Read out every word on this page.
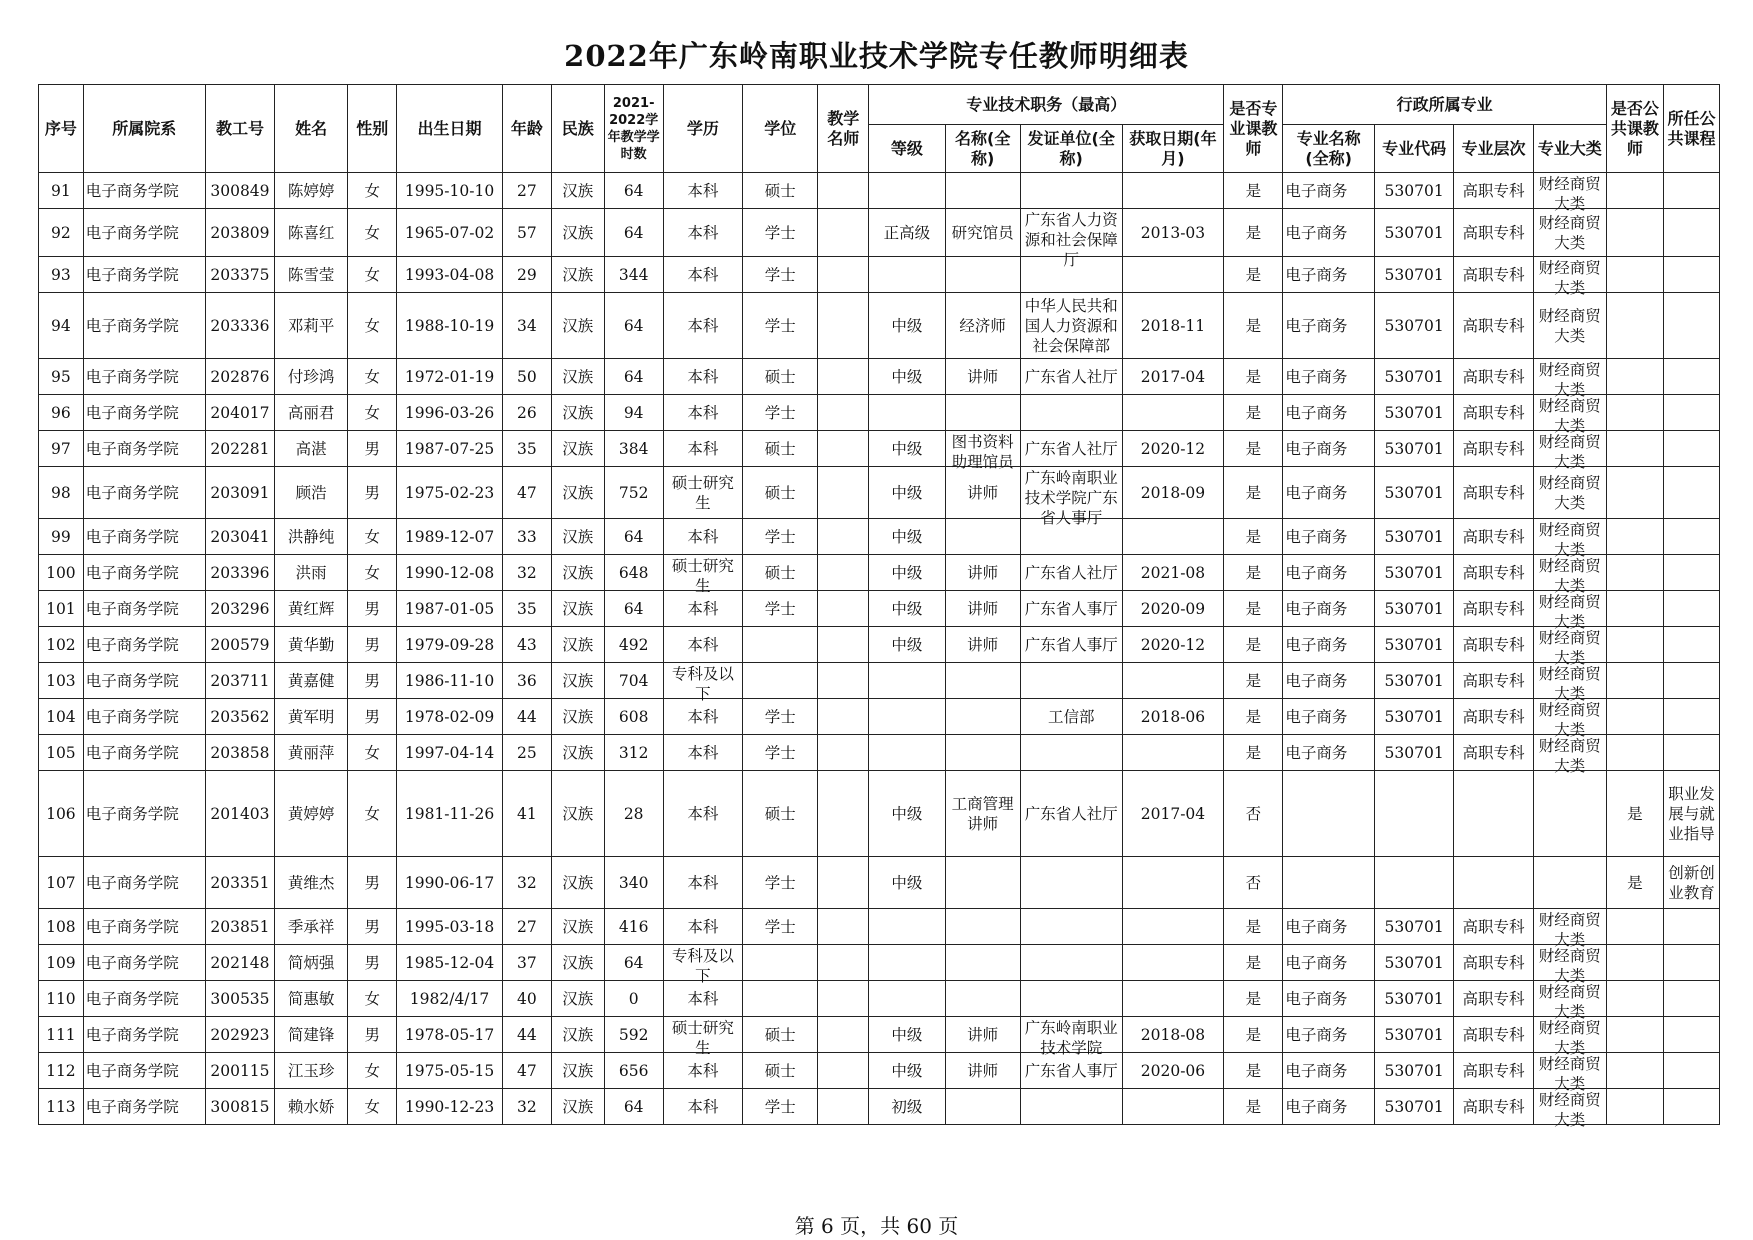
2022年广东岭南职业技术学院专任教师明细表
序号	所属院系	教工号	姓名	性别	出生日期	年龄	民族	2021-2022学年教学学时数	学历	学位	教学名师	专业技术职务（最高）				是否专业课教师	行政所属专业				是否公共课教师	所任公共课程
												等级	名称(全称)	发证单位(全称)	获取日期(年月)		专业名称(全称)	专业代码	专业层次	专业大类		
91	电子商务学院	300849	陈婷婷	女	1995-10-10	27	汉族	64	本科	硕士						是	电子商务	530701	高职专科	财经商贸大类		

92	电子商务学院	203809	陈喜红	女	1965-07-02	57	汉族	64	本科	学士		正高级	研究馆员	广东省人力资源和社会保障厅	2013-03	是	电子商务	530701	高职专科	财经商贸大类		

93	电子商务学院	203375	陈雪莹	女	1993-04-08	29	汉族	344	本科	学士						是	电子商务	530701	高职专科	财经商贸大类		

94	电子商务学院	203336	邓莉平	女	1988-10-19	34	汉族	64	本科	学士		中级	经济师	中华人民共和国人力资源和社会保障部	2018-11	是	电子商务	530701	高职专科	财经商贸大类		

95	电子商务学院	202876	付珍鸿	女	1972-01-19	50	汉族	64	本科	硕士		中级	讲师	广东省人社厅	2017-04	是	电子商务	530701	高职专科	财经商贸大类		

96	电子商务学院	204017	高丽君	女	1996-03-26	26	汉族	94	本科	学士						是	电子商务	530701	高职专科	财经商贸大类		

97	电子商务学院	202281	高湛	男	1987-07-25	35	汉族	384	本科	硕士		中级	图书资料助理馆员	广东省人社厅	2020-12	是	电子商务	530701	高职专科	财经商贸大类		

98	电子商务学院	203091	顾浩	男	1975-02-23	47	汉族	752	硕士研究生	硕士		中级	讲师	广东岭南职业技术学院广东省人事厅	2018-09	是	电子商务	530701	高职专科	财经商贸大类		

99	电子商务学院	203041	洪静纯	女	1989-12-07	33	汉族	64	本科	学士		中级				是	电子商务	530701	高职专科	财经商贸大类		

100	电子商务学院	203396	洪雨	女	1990-12-08	32	汉族	648	硕士研究生	硕士		中级	讲师	广东省人社厅	2021-08	是	电子商务	530701	高职专科	财经商贸大类		

101	电子商务学院	203296	黄红辉	男	1987-01-05	35	汉族	64	本科	学士		中级	讲师	广东省人事厅	2020-09	是	电子商务	530701	高职专科	财经商贸大类		

102	电子商务学院	200579	黄华勤	男	1979-09-28	43	汉族	492	本科			中级	讲师	广东省人事厅	2020-12	是	电子商务	530701	高职专科	财经商贸大类		

103	电子商务学院	203711	黄嘉健	男	1986-11-10	36	汉族	704	专科及以下							是	电子商务	530701	高职专科	财经商贸大类		

104	电子商务学院	203562	黄军明	男	1978-02-09	44	汉族	608	本科	学士				工信部	2018-06	是	电子商务	530701	高职专科	财经商贸大类		

105	电子商务学院	203858	黄丽萍	女	1997-04-14	25	汉族	312	本科	学士						是	电子商务	530701	高职专科	财经商贸大类		

106	电子商务学院	201403	黄婷婷	女	1981-11-26	41	汉族	28	本科	硕士		中级	工商管理讲师	广东省人社厅	2017-04	否					是	职业发展与就业指导

107	电子商务学院	203351	黄维杰	男	1990-06-17	32	汉族	340	本科	学士		中级				否					是	创新创业教育

108	电子商务学院	203851	季承祥	男	1995-03-18	27	汉族	416	本科	学士						是	电子商务	530701	高职专科	财经商贸大类		

109	电子商务学院	202148	简炳强	男	1985-12-04	37	汉族	64	专科及以下							是	电子商务	530701	高职专科	财经商贸大类		

110	电子商务学院	300535	简惠敏	女	1982/4/17	40	汉族	0	本科							是	电子商务	530701	高职专科	财经商贸大类		

111	电子商务学院	202923	简建锋	男	1978-05-17	44	汉族	592	硕士研究生	硕士		中级	讲师	广东岭南职业技术学院	2018-08	是	电子商务	530701	高职专科	财经商贸大类		

112	电子商务学院	200115	江玉珍	女	1975-05-15	47	汉族	656	本科	硕士		中级	讲师	广东省人事厅	2020-06	是	电子商务	530701	高职专科	财经商贸大类		

113	电子商务学院	300815	赖水娇	女	1990-12-23	32	汉族	64	本科	学士		初级				是	电子商务	530701	高职专科	财经商贸大类		

第 6 页，共 60 页
